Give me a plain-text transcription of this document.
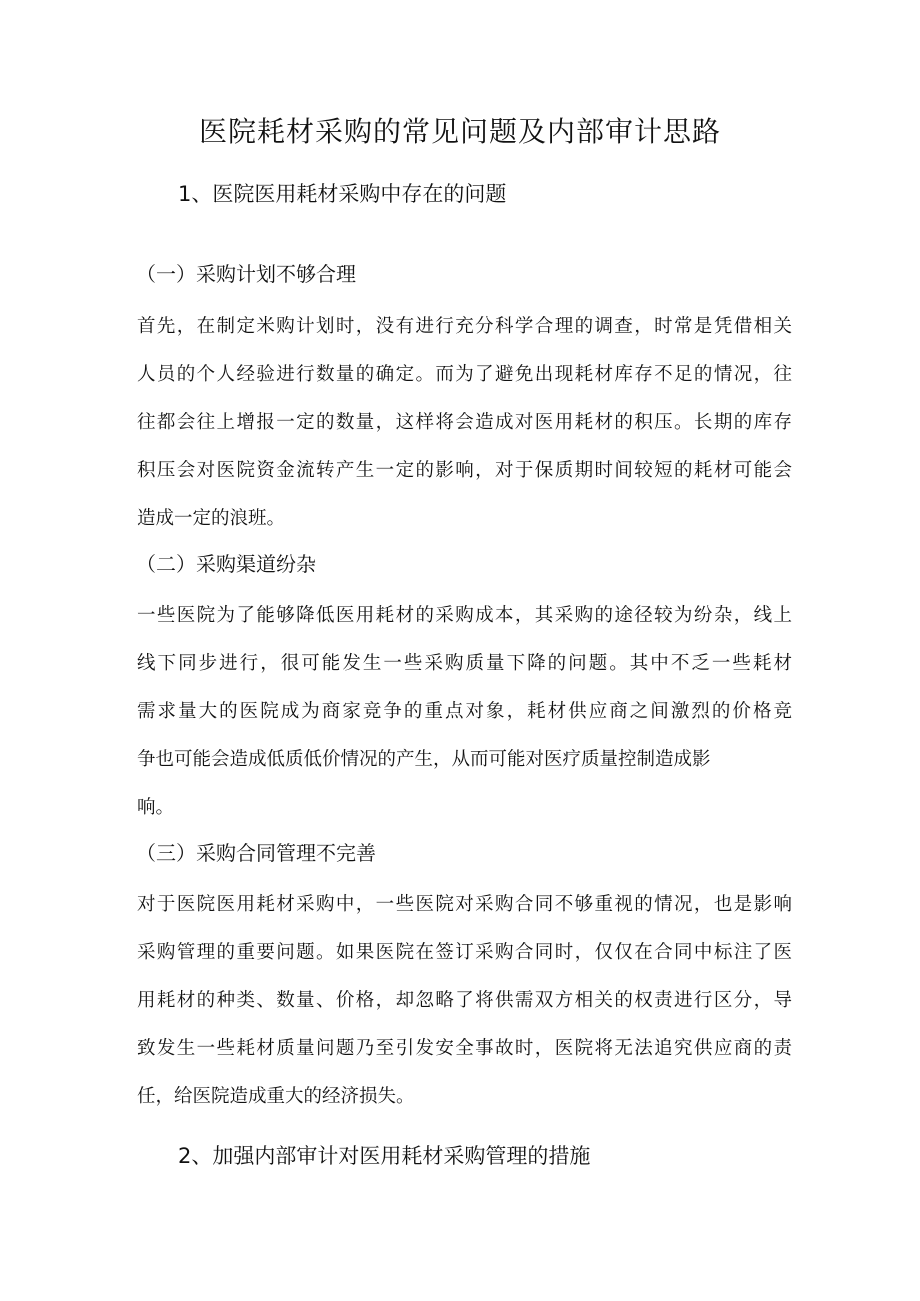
医院耗材采购的常见问题及内部审计思路
1、医院医用耗材采购中存在的问题
（一）采购计划不够合理
首先，在制定米购计划时，没有进行充分科学合理的调查，时常是凭借相关
人员的个人经验进行数量的确定。而为了避免出现耗材库存不足的情况，往
往都会往上增报一定的数量，这样将会造成对医用耗材的积压。长期的库存
积压会对医院资金流转产生一定的影响，对于保质期时间较短的耗材可能会
造成一定的浪班。
（二）采购渠道纷杂
一些医院为了能够降低医用耗材的采购成本，其采购的途径较为纷杂，线上
线下同步进行，很可能发生一些采购质量下降的问题。其中不乏一些耗材
需求量大的医院成为商家竞争的重点对象，耗材供应商之间激烈的价格竞
争也可能会造成低质低价情况的产生，从而可能对医疗质量控制造成影
响。
（三）采购合同管理不完善
对于医院医用耗材采购中，一些医院对采购合同不够重视的情况，也是影响
采购管理的重要问题。如果医院在签订采购合同时，仅仅在合同中标注了医
用耗材的种类、数量、价格，却忽略了将供需双方相关的权责进行区分，导
致发生一些耗材质量问题乃至引发安全事故时，医院将无法追究供应商的责
任，给医院造成重大的经济损失。
2、加强内部审计对医用耗材采购管理的措施
